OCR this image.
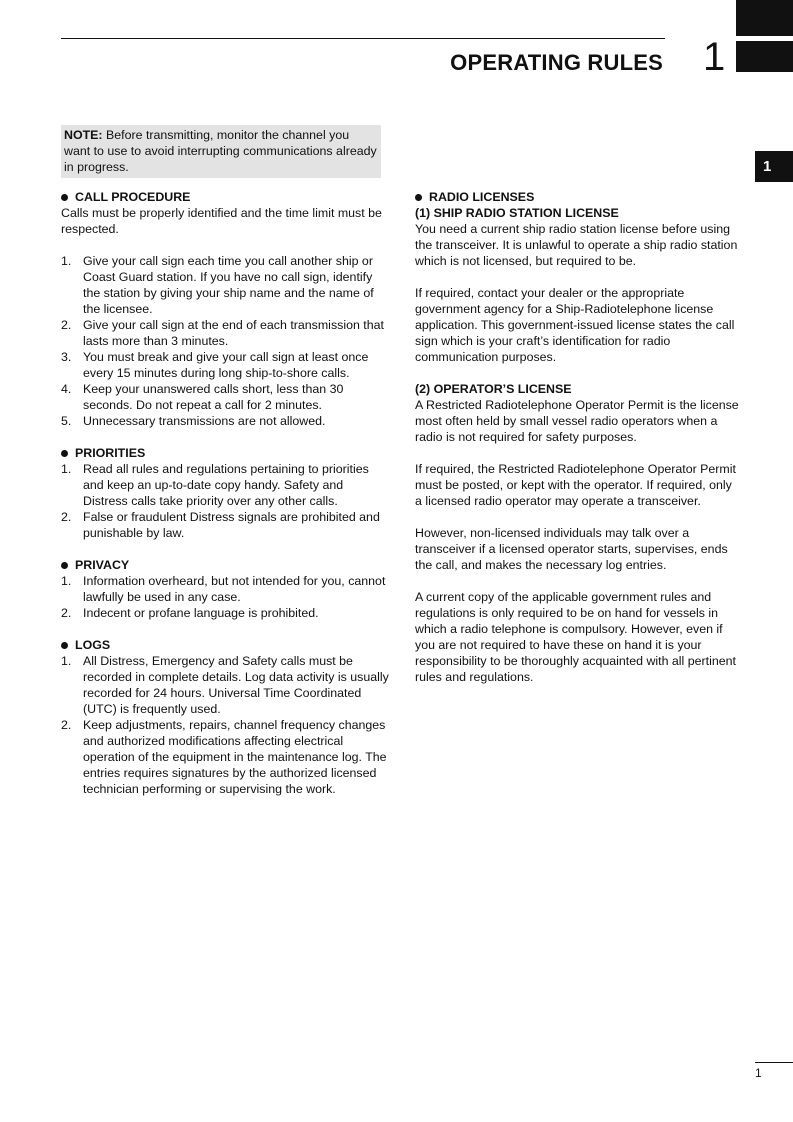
OPERATING RULES 1
1
NOTE: Before transmitting, monitor the channel you want to use to avoid interrupting communications already in progress.
CALL PROCEDURE

Calls must be properly identified and the time limit must be respected.

1. Give your call sign each time you call another ship or Coast Guard station. If you have no call sign, identify the station by giving your ship name and the name of the licensee.
2. Give your call sign at the end of each transmission that lasts more than 3 minutes.
3. You must break and give your call sign at least once every 15 minutes during long ship-to-shore calls.
4. Keep your unanswered calls short, less than 30 seconds. Do not repeat a call for 2 minutes.
5. Unnecessary transmissions are not allowed.
PRIORITIES
1. Read all rules and regulations pertaining to priorities and keep an up-to-date copy handy. Safety and Distress calls take priority over any other calls.
2. False or fraudulent Distress signals are prohibited and punishable by law.
PRIVACY
1. Information overheard, but not intended for you, cannot lawfully be used in any case.
2. Indecent or profane language is prohibited.
LOGS
1. All Distress, Emergency and Safety calls must be recorded in complete details. Log data activity is usually recorded for 24 hours. Universal Time Coordinated (UTC) is frequently used.
2. Keep adjustments, repairs, channel frequency changes and authorized modifications affecting electrical operation of the equipment in the maintenance log. The entries requires signatures by the authorized licensed technician performing or supervising the work.
RADIO LICENSES
(1) SHIP RADIO STATION LICENSE

You need a current ship radio station license before using the transceiver. It is unlawful to operate a ship radio station which is not licensed, but required to be.

If required, contact your dealer or the appropriate government agency for a Ship-Radiotelephone license application. This government-issued license states the call sign which is your craft’s identification for radio communication purposes.

(2) OPERATOR’S LICENSE

A Restricted Radiotelephone Operator Permit is the license most often held by small vessel radio operators when a radio is not required for safety purposes.

If required, the Restricted Radiotelephone Operator Permit must be posted, or kept with the operator. If required, only a licensed radio operator may operate a transceiver.

However, non-licensed individuals may talk over a transceiver if a licensed operator starts, supervises, ends the call, and makes the necessary log entries.

A current copy of the applicable government rules and regulations is only required to be on hand for vessels in which a radio telephone is compulsory. However, even if you are not required to have these on hand it is your responsibility to be thoroughly acquainted with all pertinent rules and regulations.

1
